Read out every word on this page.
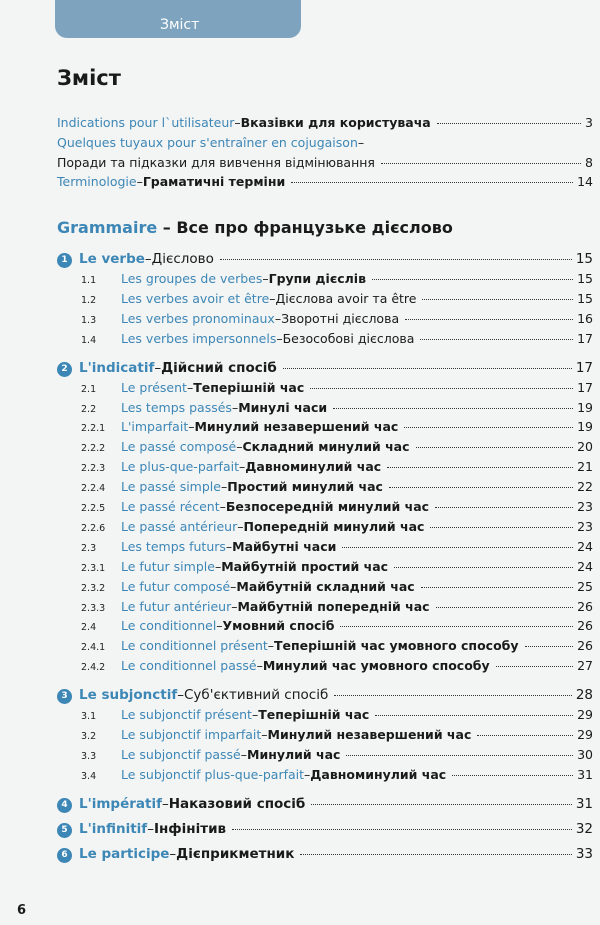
Зміст
Зміст
Indications pour l`utilisateur – Вказівки для користувача	3
Quelques tuyaux pour s'entraîner en cojugaison –
Поради та підказки для вивчення відмінювання	8
Terminologie – Граматичні терміни	14
Grammaire – Все про французьке дієслово
1 Le verbe – Дієслово	15
1.1	Les groupes de verbes – Групи дієслів	15
1.2	Les verbes avoir et être – Дієслова avoir та être	15
1.3	Les verbes pronominaux – Зворотні дієслова	16
1.4	Les verbes impersonnels – Безособові дієслова	17
2 L'indicatif – Дійсний спосіб	17
2.1	Le présent – Теперішній час	17
2.2	Les temps passés – Минулі часи	19
2.2.1	L'imparfait – Минулий незавершений час	19
2.2.2	Le passé composé – Складний минулий час	20
2.2.3	Le plus-que-parfait – Давноминулий час	21
2.2.4	Le passé simple – Простий минулий час	22
2.2.5	Le passé récent – Безпосередній минулий час	23
2.2.6	Le passé antérieur – Попередній минулий час	23
2.3	Les temps futurs – Майбутні часи	24
2.3.1	Le futur simple – Майбутній простий час	24
2.3.2	Le futur composé – Майбутній складний час	25
2.3.3	Le futur antérieur – Майбутній попередній час	26
2.4	Le conditionnel – Умовний спосіб	26
2.4.1	Le conditionnel présent – Теперішній час умовного способу	26
2.4.2	Le conditionnel passé – Минулий час умовного способу	27
3 Le subjonctif – Суб'єктивний спосіб	28
3.1	Le subjonctif présent – Теперішній час	29
3.2	Le subjonctif imparfait – Минулий незавершений час	29
3.3	Le subjonctif passé – Минулий час	30
3.4	Le subjonctif plus-que-parfait – Давноминулий час	31
4 L'impératif – Наказовий спосіб	31
5 L'infinitif – Інфінітив	32
6 Le participe – Дієприкметник	33
6
